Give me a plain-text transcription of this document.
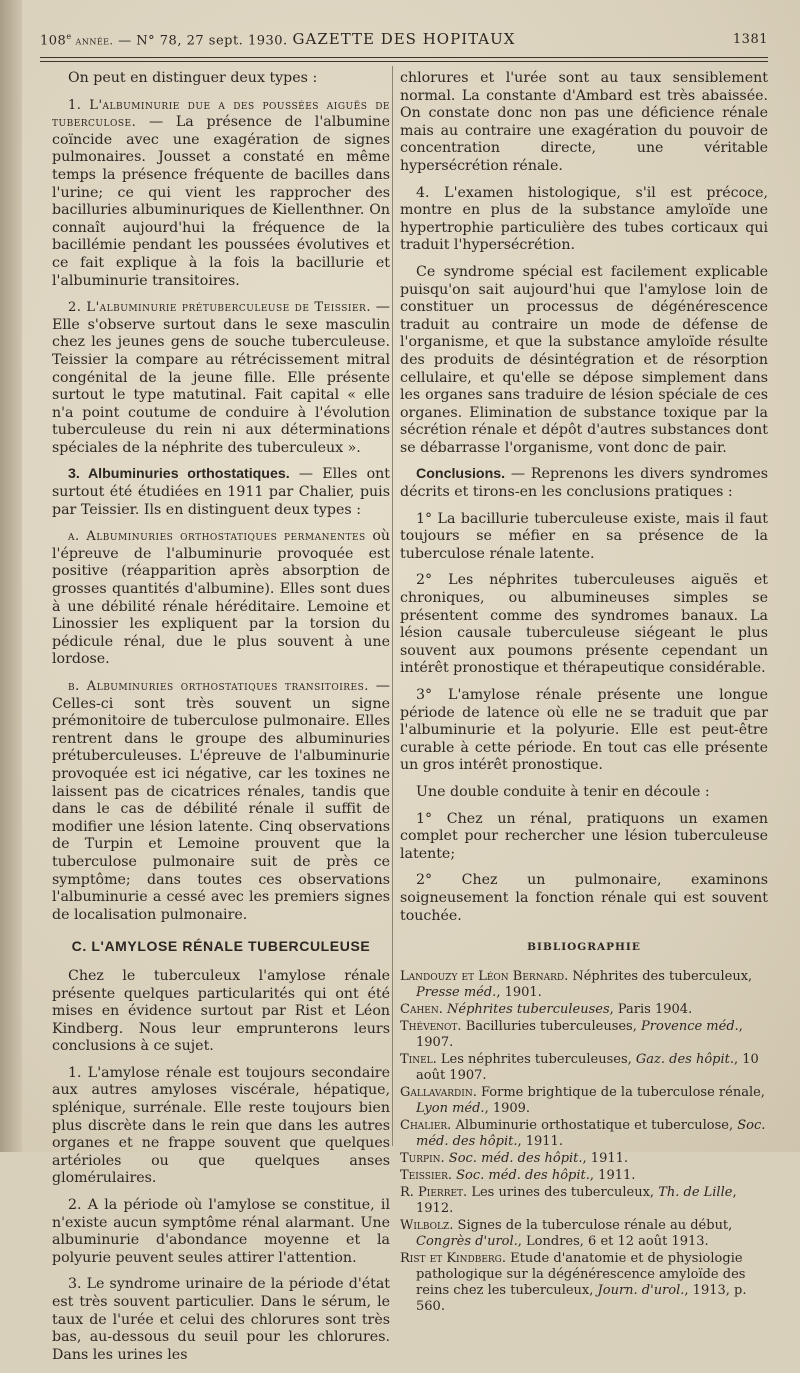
108e année. — N° 78, 27 sept. 1930. GAZETTE DES HOPITAUX	1381

On peut en distinguer deux types :

1. L'albuminurie due a des poussées aiguës de tuberculose. — La présence de l'albumine coïncide avec une exagération de signes pulmonaires. Jousset a constaté en même temps la présence fréquente de bacilles dans l'urine; ce qui vient les rapprocher des bacilluries albuminuriques de Kiellenthner. On connaît aujourd'hui la fréquence de la bacillémie pendant les poussées évolutives et ce fait explique à la fois la bacillurie et l'albuminurie transitoires.

2. L'albuminurie prétuberculeuse de Teissier. — Elle s'observe surtout dans le sexe masculin chez les jeunes gens de souche tuberculeuse. Teissier la compare au rétrécissement mitral congénital de la jeune fille. Elle présente surtout le type matutinal. Fait capital « elle n'a point coutume de conduire à l'évolution tuberculeuse du rein ni aux déterminations spéciales de la néphrite des tuberculeux ».

3. Albuminuries orthostatiques. — Elles ont surtout été étudiées en 1911 par Chalier, puis par Teissier. Ils en distinguent deux types :

a. Albuminuries orthostatiques permanentes où l'épreuve de l'albuminurie provoquée est positive (réapparition après absorption de grosses quantités d'albumine). Elles sont dues à une débilité rénale héréditaire. Lemoine et Linossier les expliquent par la torsion du pédicule rénal, due le plus souvent à une lordose.

b. Albuminuries orthostatiques transitoires. — Celles-ci sont très souvent un signe prémonitoire de tuberculose pulmonaire. Elles rentrent dans le groupe des albuminuries prétuberculeuses. L'épreuve de l'albuminurie provoquée est ici négative, car les toxines ne laissent pas de cicatrices rénales, tandis que dans le cas de débilité rénale il suffit de modifier une lésion latente. Cinq observations de Turpin et Lemoine prouvent que la tuberculose pulmonaire suit de près ce symptôme; dans toutes ces observations l'albuminurie a cessé avec les premiers signes de localisation pulmonaire.

C. L'AMYLOSE RÉNALE TUBERCULEUSE

Chez le tuberculeux l'amylose rénale présente quelques particularités qui ont été mises en évidence surtout par Rist et Léon Kindberg. Nous leur emprunterons leurs conclusions à ce sujet.

1. L'amylose rénale est toujours secondaire aux autres amyloses viscérale, hépatique, splénique, surrénale. Elle reste toujours bien plus discrète dans le rein que dans les autres organes et ne frappe souvent que quelques artérioles ou que quelques anses glomérulaires.

2. A la période où l'amylose se constitue, il n'existe aucun symptôme rénal alarmant. Une albuminurie d'abondance moyenne et la polyurie peuvent seules attirer l'attention.

3. Le syndrome urinaire de la période d'état est très souvent particulier. Dans le sérum, le taux de l'urée et celui des chlorures sont très bas, au-dessous du seuil pour les chlorures. Dans les urines les

chlorures et l'urée sont au taux sensiblement normal. La constante d'Ambard est très abaissée. On constate donc non pas une déficience rénale mais au contraire une exagération du pouvoir de concentration directe, une véritable hypersécrétion rénale.

4. L'examen histologique, s'il est précoce, montre en plus de la substance amyloïde une hypertrophie particulière des tubes corticaux qui traduit l'hypersécrétion.

Ce syndrome spécial est facilement explicable puisqu'on sait aujourd'hui que l'amylose loin de constituer un processus de dégénérescence traduit au contraire un mode de défense de l'organisme, et que la substance amyloïde résulte des produits de désintégration et de résorption cellulaire, et qu'elle se dépose simplement dans les organes sans traduire de lésion spéciale de ces organes. Elimination de substance toxique par la sécrétion rénale et dépôt d'autres substances dont se débarrasse l'organisme, vont donc de pair.

Conclusions. — Reprenons les divers syndromes décrits et tirons-en les conclusions pratiques :

1° La bacillurie tuberculeuse existe, mais il faut toujours se méfier en sa présence de la tuberculose rénale latente.

2° Les néphrites tuberculeuses aiguës et chroniques, ou albumineuses simples se présentent comme des syndromes banaux. La lésion causale tuberculeuse siégeant le plus souvent aux poumons présente cependant un intérêt pronostique et thérapeutique considérable.

3° L'amylose rénale présente une longue période de latence où elle ne se traduit que par l'albuminurie et la polyurie. Elle est peut-être curable à cette période. En tout cas elle présente un gros intérêt pronostique.

Une double conduite à tenir en découle :

1° Chez un rénal, pratiquons un examen complet pour rechercher une lésion tuberculeuse latente;

2° Chez un pulmonaire, examinons soigneusement la fonction rénale qui est souvent touchée.

BIBLIOGRAPHIE
Landouzy et Léon Bernard. Néphrites des tuberculeux, Presse méd., 1901.
Cahen. Néphrites tuberculeuses, Paris 1904.
Thévenot. Bacilluries tuberculeuses, Provence méd., 1907.
Tinel. Les néphrites tuberculeuses, Gaz. des hôpit., 10 août 1907.
Gallavardin. Forme brightique de la tuberculose rénale, Lyon méd., 1909.
Chalier. Albuminurie orthostatique et tuberculose, Soc. méd. des hôpit., 1911.
Turpin. Soc. méd. des hôpit., 1911.
Teissier. Soc. méd. des hôpit., 1911.
R. Pierret. Les urines des tuberculeux, Th. de Lille, 1912.
Wilbolz. Signes de la tuberculose rénale au début, Congrès d'urol., Londres, 6 et 12 août 1913.
Rist et Kindberg. Etude d'anatomie et de physiologie pathologique sur la dégénérescence amyloïde des reins chez les tuberculeux, Journ. d'urol., 1913, p. 560.
